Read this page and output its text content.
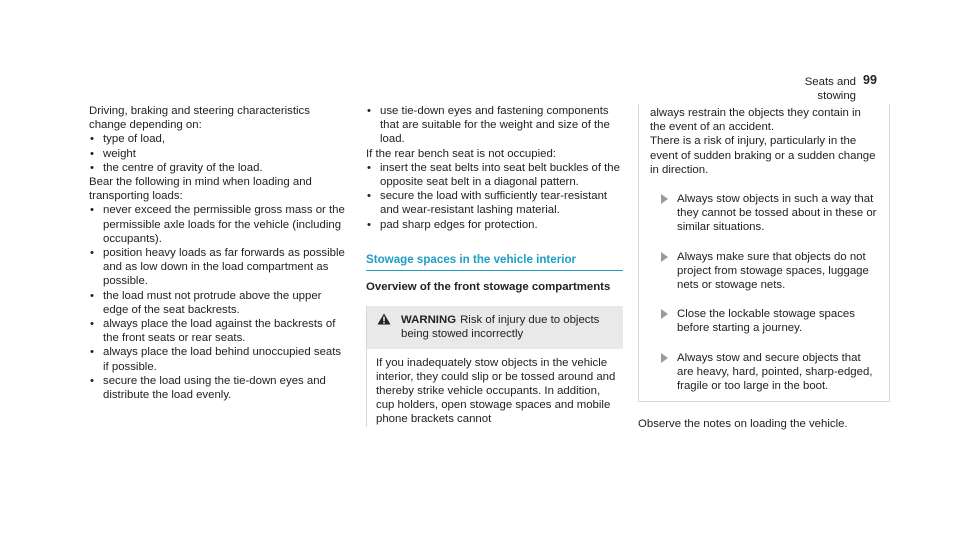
Seats and stowing
99

Driving, braking and steering characteristics change depending on:

• type of load,
• weight
• the centre of gravity of the load.

Bear the following in mind when loading and transporting loads:

• never exceed the permissible gross mass or the permissible axle loads for the vehicle (including occupants).
• position heavy loads as far forwards as possible and as low down in the load compartment as possible.
• the load must not protrude above the upper edge of the seat backrests.
• always place the load against the backrests of the front seats or rear seats.
• always place the load behind unoccupied seats if possible.
• secure the load using the tie-down eyes and distribute the load evenly.
• use tie-down eyes and fastening components that are suitable for the weight and size of the load.

If the rear bench seat is not occupied:

• insert the seat belts into seat belt buckles of the opposite seat belt in a diagonal pattern.
• secure the load with sufficiently tear-resistant and wear-resistant lashing material.
• pad sharp edges for protection.
Stowage spaces in the vehicle interior
Overview of the front stowage compartments
WARNING Risk of injury due to objects being stowed incorrectly
If you inadequately stow objects in the vehicle interior, they could slip or be tossed around and thereby strike vehicle occupants. In addition, cup holders, open stowage spaces and mobile phone brackets cannot

always restrain the objects they contain in the event of an accident.

There is a risk of injury, particularly in the event of sudden braking or a sudden change in direction.

Always stow objects in such a way that they cannot be tossed about in these or similar situations.
Always make sure that objects do not project from stowage spaces, luggage nets or stowage nets.
Close the lockable stowage spaces before starting a journey.
Always stow and secure objects that are heavy, hard, pointed, sharp-edged, fragile or too large in the boot.

Observe the notes on loading the vehicle.
